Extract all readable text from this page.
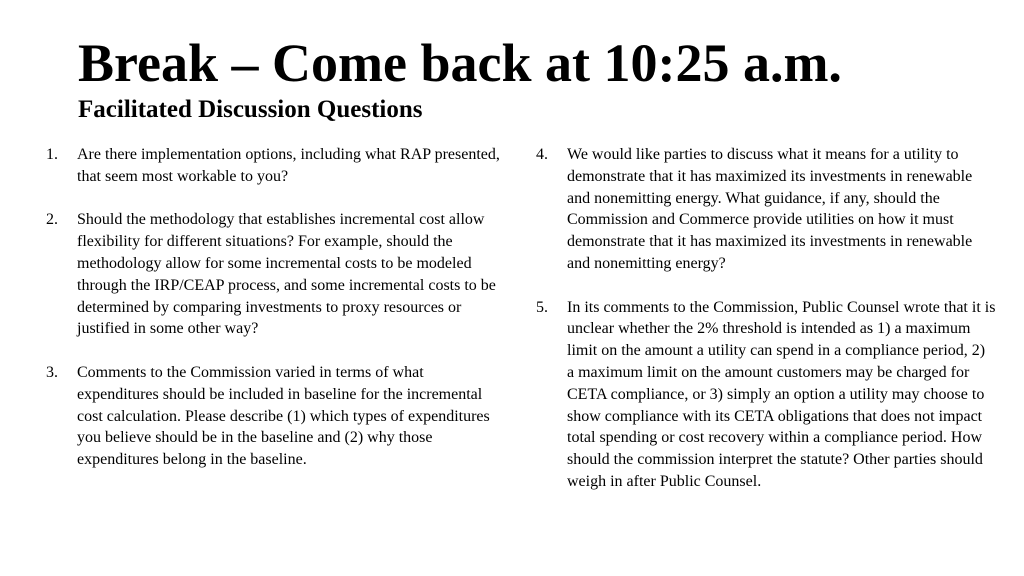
Break – Come back at 10:25 a.m.
Facilitated Discussion Questions
1. Are there implementation options, including what RAP presented, that seem most workable to you?
2. Should the methodology that establishes incremental cost allow flexibility for different situations? For example, should the methodology allow for some incremental costs to be modeled through the IRP/CEAP process, and some incremental costs to be determined by comparing investments to proxy resources or justified in some other way?
3. Comments to the Commission varied in terms of what expenditures should be included in baseline for the incremental cost calculation. Please describe (1) which types of expenditures you believe should be in the baseline and (2) why those expenditures belong in the baseline.
4. We would like parties to discuss what it means for a utility to demonstrate that it has maximized its investments in renewable and nonemitting energy. What guidance, if any, should the Commission and Commerce provide utilities on how it must demonstrate that it has maximized its investments in renewable and nonemitting energy?
5. In its comments to the Commission, Public Counsel wrote that it is unclear whether the 2% threshold is intended as 1) a maximum limit on the amount a utility can spend in a compliance period, 2) a maximum limit on the amount customers may be charged for CETA compliance, or 3) simply an option a utility may choose to show compliance with its CETA obligations that does not impact total spending or cost recovery within a compliance period. How should the commission interpret the statute? Other parties should weigh in after Public Counsel.
